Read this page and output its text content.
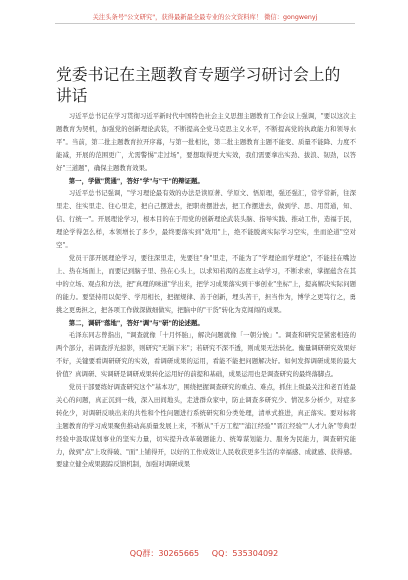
关注头条号"公文研究"，获得最新最全最专业的公文资料库！ 微信：gongwenyj
党委书记在主题教育专题学习研讨会上的讲话

习近平总书记在学习贯彻习近平新时代中国特色社会主义思想主题教育工作会议上强调，"要以这次主题教育为契机，加强党的创新理论武装，不断提高全党马克思主义水平，不断提高党的执政能力和领导水平"。当前，第二批主题教育拉开序幕，与第一批相比，第二批主题教育主题不能变、质量不能降、力度不能减，开展的范围更广，尤需警惕"走过场"，要想取得更大实效，我们需要拿出实劲、拔浪、韧劲，以答好"三道题"，确保主题教育效果。

第一，学做"贯通"，答好"学"与"干"的辩证题。

习近平总书记强调，"学习理论最有效的办法是读原著、学原文、悟原理，强还强汇，常学常新，往深里走、往实里走、往心里走，把自己摆进去，把职责摆进去，把工作摆进去，做到学、思、用贯通，知、信、行统一"。开展理论学习，根本目的在于用党的创新理论武装头脑、指导实践、推动工作，造福于民，理论学得怎么样，本领增长了多少，最终要落实到"效用"上，绝不能脱离实际学习空实，坐而论道"空对空"。

党员干部开展理论学习，要往深里走，先要往"身"里走，不能为了"学理论而学理论"，不能挂在嘴边上、热在场面上，而要记到脑子里、热在心头上，以求知若渴的态度主动学习，不断求索，掌握蕴含在其中的立场、观点和方法，把"真理的味道"学出来，把学习成果落实到干事创业"坐标"上，提高解决实际问题的能力。要坚持用以促学、学用相长，把握规律、善于创新，埋头苦干，担当作为，博学之更笃行之，勇挑之更勇担之，把各项工作做深做细做实，把脑中的"干货"转化为克闯闯的成果。

第二，调研"落地"，答好"调"与"研"的论述题。

毛泽东同志曾指出，"调查就像「十月怀胎」，解决问题就像「一朝分娩」"。调查和研究是紧密相连的两个部分，若调查浮光掠影，则研究"无锅下米"；若研究不深不透，则成果无法转化。衡量调研研究效果好不好，关键要看调研研究的实效，看调研成果的运用，看能不能把问题解决好。如何发挥调研成果的最大价值？真调研、实调研是调研成果转化运用好的前提和基础，成果运用也是调查研究的最终落脚点。

党员干部要练好调查研究这个"基本功"，围绕把握调查研究的重点、难点，抓住上级最关注和老百姓最关心的问题，真正沉到一线，深入田间地头，走进群众家中，防止调查多研究少、情况多分析少，对症多转化少，对调研反映出来的共性和个性问题进行系统研究和分类处理，清单式推进，真正落实。要对标将主题教育的学习成果聚焦推动高质量发展上来，不断从"千万工程""浦江经验""晋江经验""人才九条"等典型经验中汲取谋划事业的坚实力量，切实提升改革破题能力、统筹谋划能力、服务为民能力，调查研究能力，做到"点"上攻得破、"面"上铺得开，以好的工作成效让人民收获更多生活的幸福感、成就感、获得感。要建立健全成果跟踪反馈机制，加强对调研成果

QQ群：30265665     QQ：535304092
